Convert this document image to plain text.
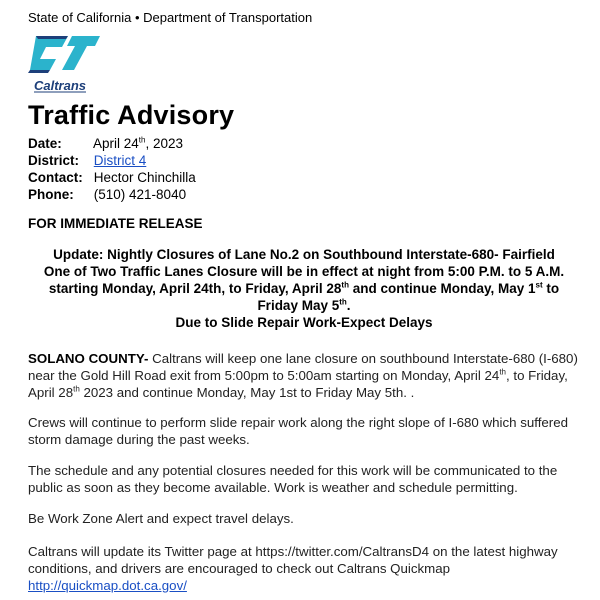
State of California • Department of Transportation
Caltrans
Traffic Advisory
Date: April 24th, 2023
District: District 4
Contact: Hector Chinchilla
Phone: (510) 421-8040
FOR IMMEDIATE RELEASE
Update: Nightly Closures of Lane No.2 on Southbound Interstate-680- Fairfield
One of Two Traffic Lanes Closure will be in effect at night from 5:00 P.M. to 5 A.M.
starting Monday, April 24th, to Friday, April 28th and continue Monday, May 1st to
Friday May 5th.
Due to Slide Repair Work-Expect Delays
SOLANO COUNTY- Caltrans will keep one lane closure on southbound Interstate-680 (I-680) near the Gold Hill Road exit from 5:00pm to 5:00am starting on Monday, April 24th, to Friday, April 28th 2023 and continue Monday, May 1st to Friday May 5th. .
Crews will continue to perform slide repair work along the right slope of I-680 which suffered storm damage during the past weeks.
The schedule and any potential closures needed for this work will be communicated to the public as soon as they become available. Work is weather and schedule permitting.
Be Work Zone Alert and expect travel delays.
Caltrans will update its Twitter page at https://twitter.com/CaltransD4 on the latest highway conditions, and drivers are encouraged to check out Caltrans Quickmap http://quickmap.dot.ca.gov/
